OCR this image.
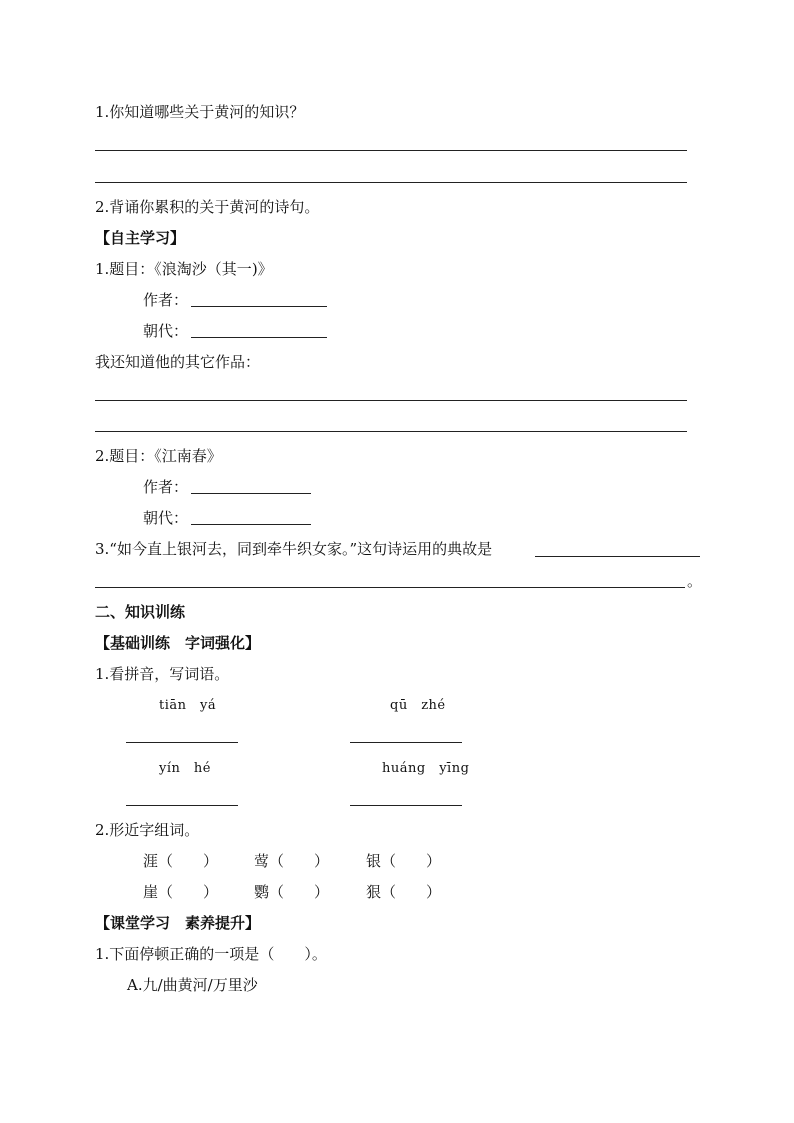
1.你知道哪些关于黄河的知识？
2.背诵你累积的关于黄河的诗句。
【自主学习】
1.题目：《浪淘沙（其一)》
作者：
朝代：
我还知道他的其它作品：
2.题目：《江南春》
作者：
朝代：
3.“如今直上银河去，同到牵牛织女家。”这句诗运用的典故是
。
二、知识训练
【基础训练　字词强化】
1.看拼音，写词语。
tiān　yá	qū　zhé
yín　hé	huáng　yīng
2.形近字组词。
涯（　　） 莺（　　） 银（　　）
崖（　　） 鹦（　　） 狠（　　）
【课堂学习　素养提升】
1.下面停顿正确的一项是（　　）。
A.九/曲黄河/万里沙
